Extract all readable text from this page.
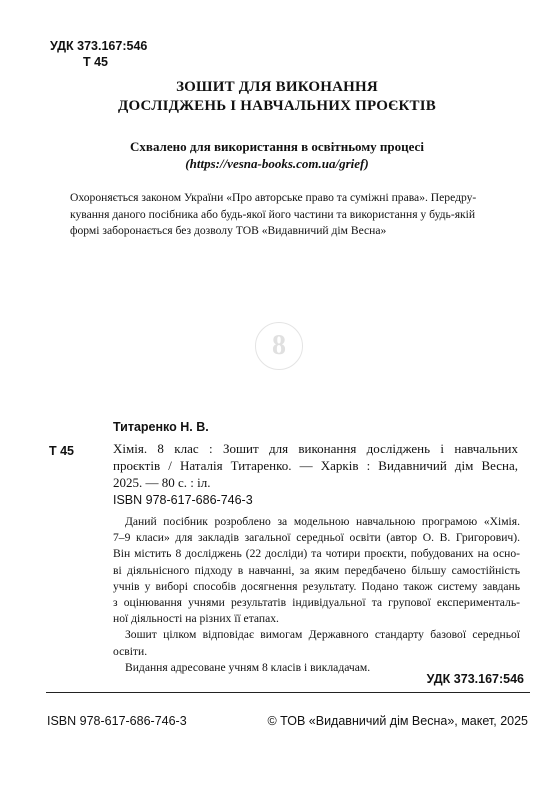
УДК 373.167:546
Т 45
ЗОШИТ ДЛЯ ВИКОНАННЯ
ДОСЛІДЖЕНЬ І НАВЧАЛЬНИХ ПРОЄКТІВ
Схвалено для використання в освітньому процесі
(https://vesna-books.com.ua/grief)

Охороняється законом України «Про авторське право та суміжні права». Передру-

кування даного посібника або будь-якої його частини та використання у будь-якій

формі заборонається без дозволу ТОВ «Видавничий дім Весна»

8
Титаренко Н. В.
Т 45	Хімія. 8 клас : Зошит для виконання досліджень і навчальних
проєктів / Наталія Титаренко. — Харків : Видавничий дім Весна,
2025. — 80 с. : іл.
ISBN 978-617-686-746-3

Даний посібник розроблено за модельною навчальною програмою «Хімія.

7–9 класи» для закладів загальної середньої освіти (автор О. В. Григорович).
Він містить 8 досліджень (22 досліди) та чотири проєкти, побудованих на осно-
ві діяльнісного підходу в навчанні, за яким передбачено більшу самостійність
учнів у виборі способів досягнення результату. Подано також систему завдань
з оцінювання учнями результатів індивідуальної та групової експерименталь-
ної діяльності на різних її етапах.

Зошит цілком відповідає вимогам Державного стандарту базової середньої

освіти.

Видання адресоване учням 8 класів і викладачам.

УДК 373.167:546
ISBN 978-617-686-746-3	© ТОВ «Видавничий дім Весна», макет, 2025
